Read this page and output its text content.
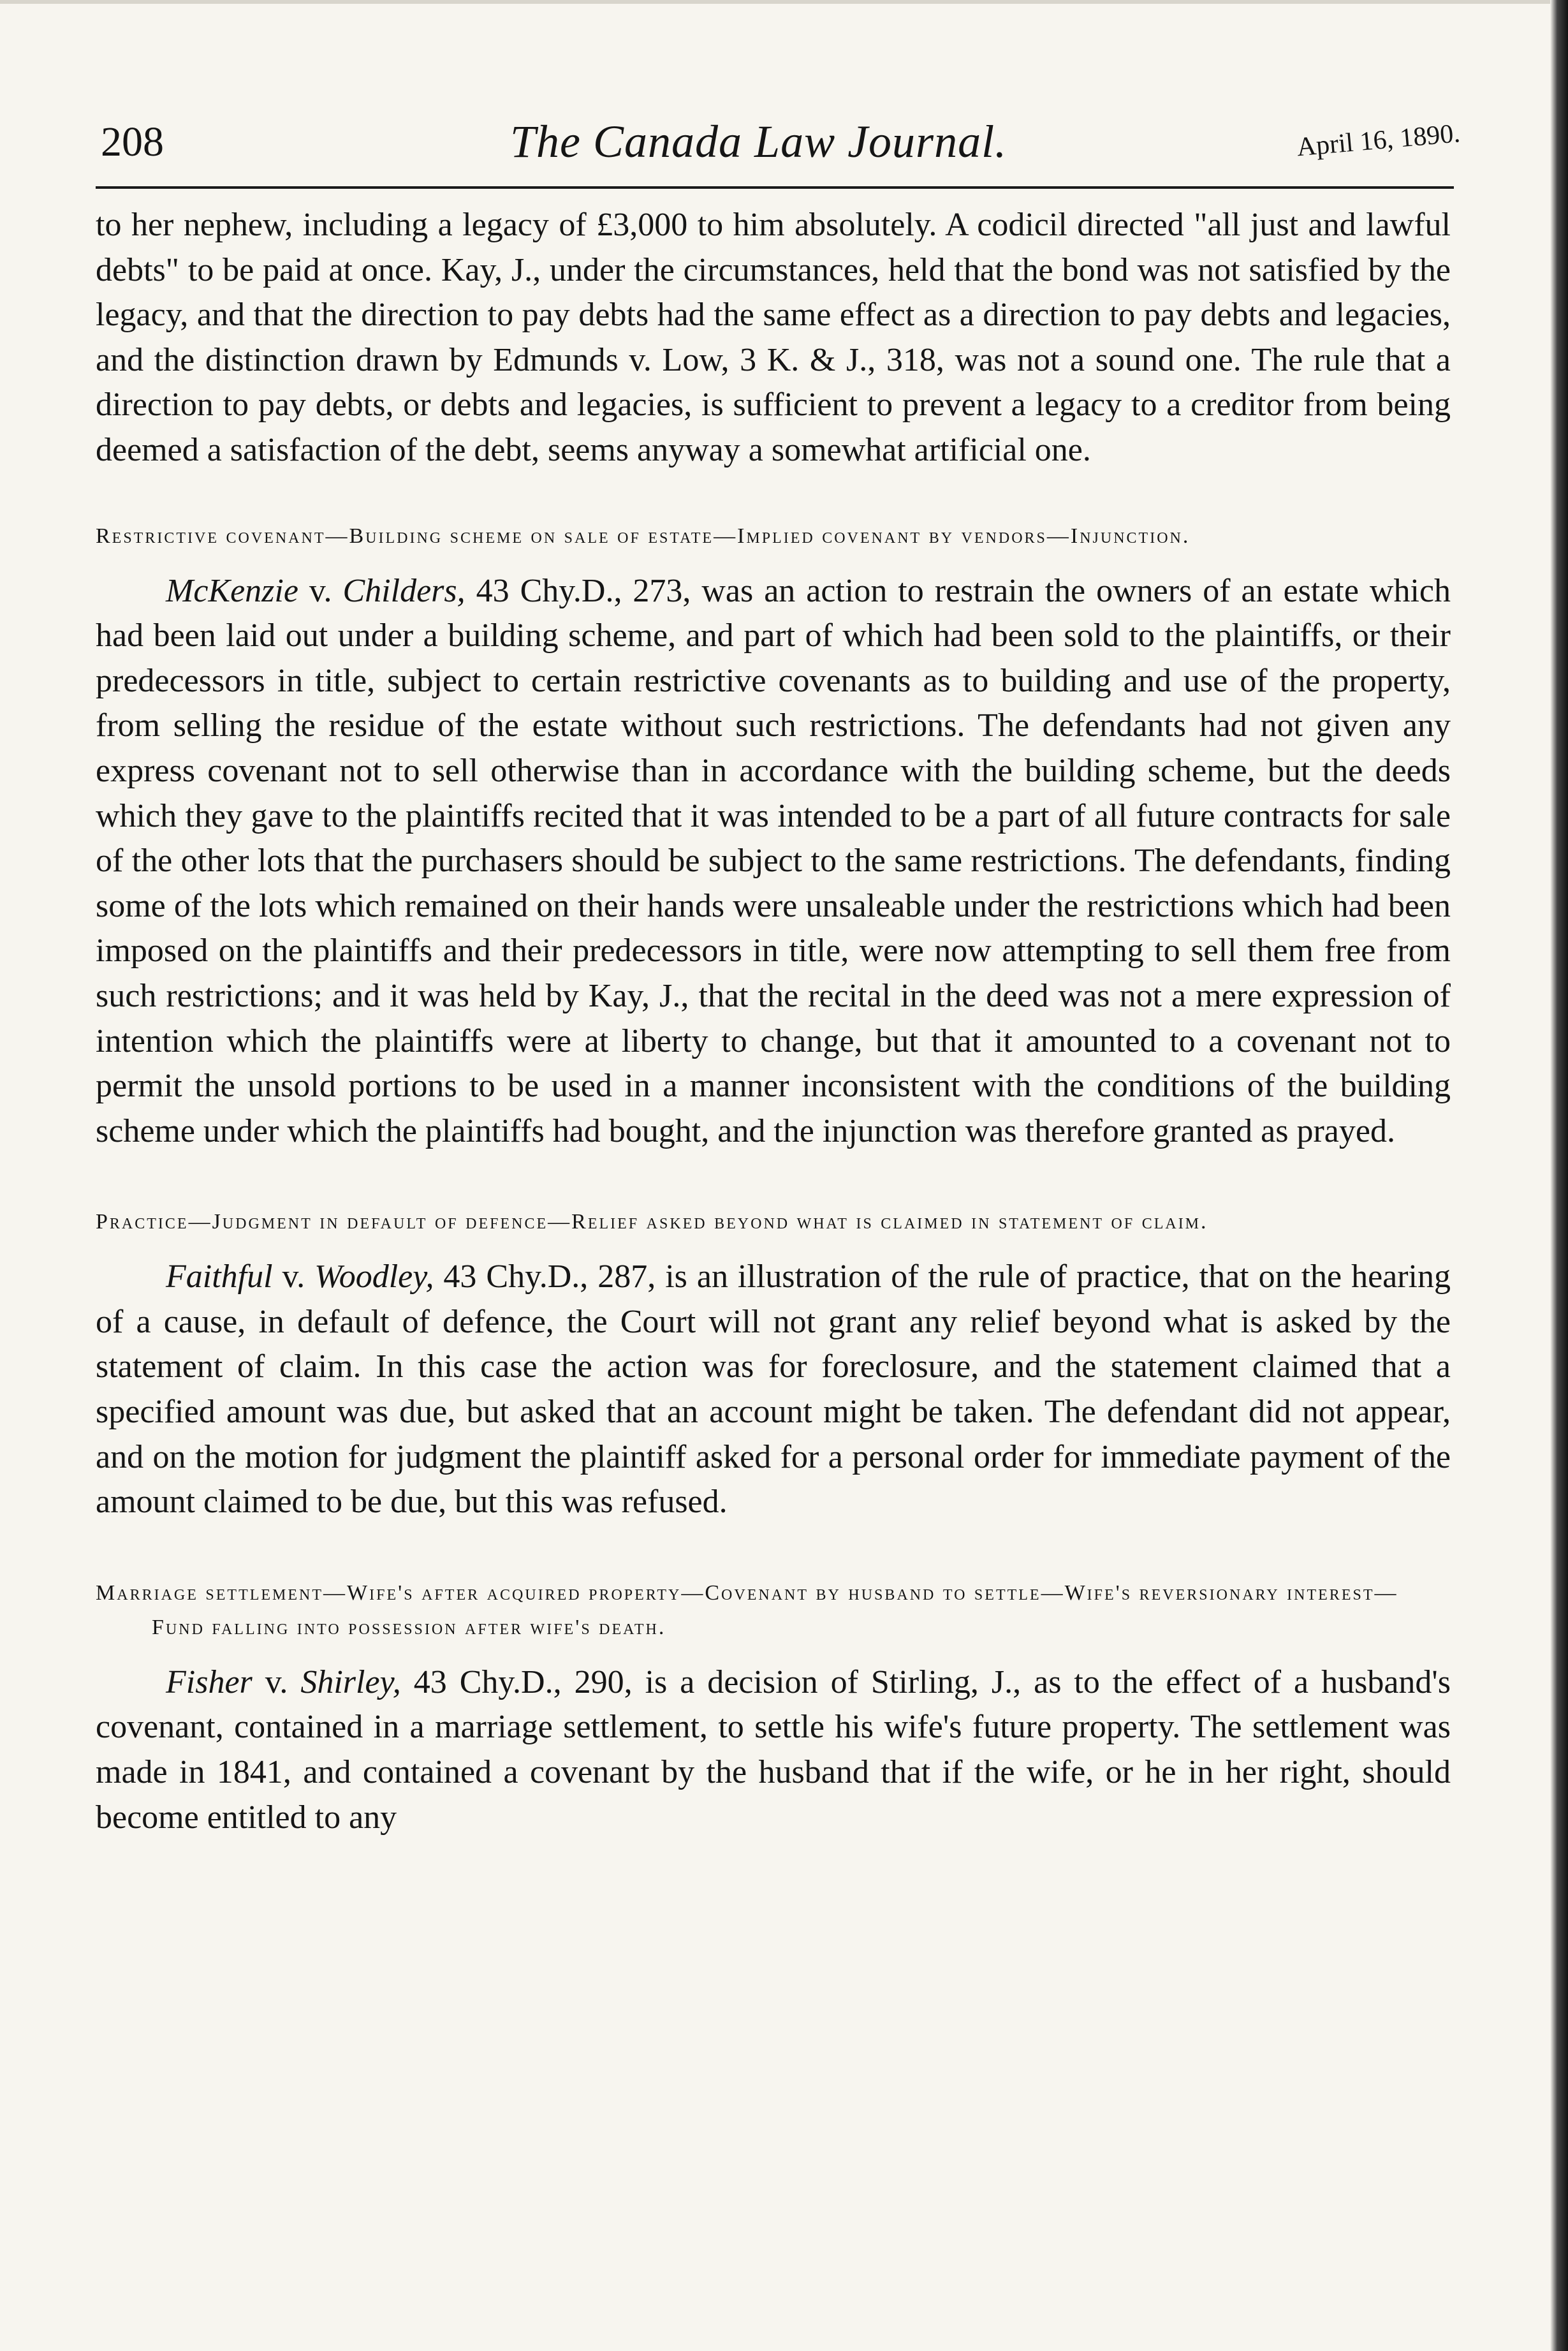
208	The Canada Law Journal.	April 16, 1890.

to her nephew, including a legacy of £3,000 to him absolutely. A codicil directed "all just and lawful debts" to be paid at once. Kay, J., under the circumstances, held that the bond was not satisfied by the legacy, and that the direction to pay debts had the same effect as a direction to pay debts and legacies, and the distinction drawn by Edmunds v. Low, 3 K. & J., 318, was not a sound one. The rule that a direction to pay debts, or debts and legacies, is sufficient to prevent a legacy to a creditor from being deemed a satisfaction of the debt, seems anyway a somewhat artificial one.

Restrictive covenant—Building scheme on sale of estate—Implied covenant by vendors—Injunction.

McKenzie v. Childers, 43 Chy.D., 273, was an action to restrain the owners of an estate which had been laid out under a building scheme, and part of which had been sold to the plaintiffs, or their predecessors in title, subject to certain restrictive covenants as to building and use of the property, from selling the residue of the estate without such restrictions. The defendants had not given any express covenant not to sell otherwise than in accordance with the building scheme, but the deeds which they gave to the plaintiffs recited that it was intended to be a part of all future contracts for sale of the other lots that the purchasers should be subject to the same restrictions. The defendants, finding some of the lots which remained on their hands were unsaleable under the restrictions which had been imposed on the plaintiffs and their predecessors in title, were now attempting to sell them free from such restrictions; and it was held by Kay, J., that the recital in the deed was not a mere expression of intention which the plaintiffs were at liberty to change, but that it amounted to a covenant not to permit the unsold portions to be used in a manner inconsistent with the conditions of the building scheme under which the plaintiffs had bought, and the injunction was therefore granted as prayed.

Practice—Judgment in default of defence—Relief asked beyond what is claimed in statement of claim.

Faithful v. Woodley, 43 Chy.D., 287, is an illustration of the rule of practice, that on the hearing of a cause, in default of defence, the Court will not grant any relief beyond what is asked by the statement of claim. In this case the action was for foreclosure, and the statement claimed that a specified amount was due, but asked that an account might be taken. The defendant did not appear, and on the motion for judgment the plaintiff asked for a personal order for immediate payment of the amount claimed to be due, but this was refused.

Marriage settlement—Wife's after acquired property—Covenant by husband to settle—Wife's reversionary interest—Fund falling into possession after wife's death.

Fisher v. Shirley, 43 Chy.D., 290, is a decision of Stirling, J., as to the effect of a husband's covenant, contained in a marriage settlement, to settle his wife's future property. The settlement was made in 1841, and contained a covenant by the husband that if the wife, or he in her right, should become entitled to any
